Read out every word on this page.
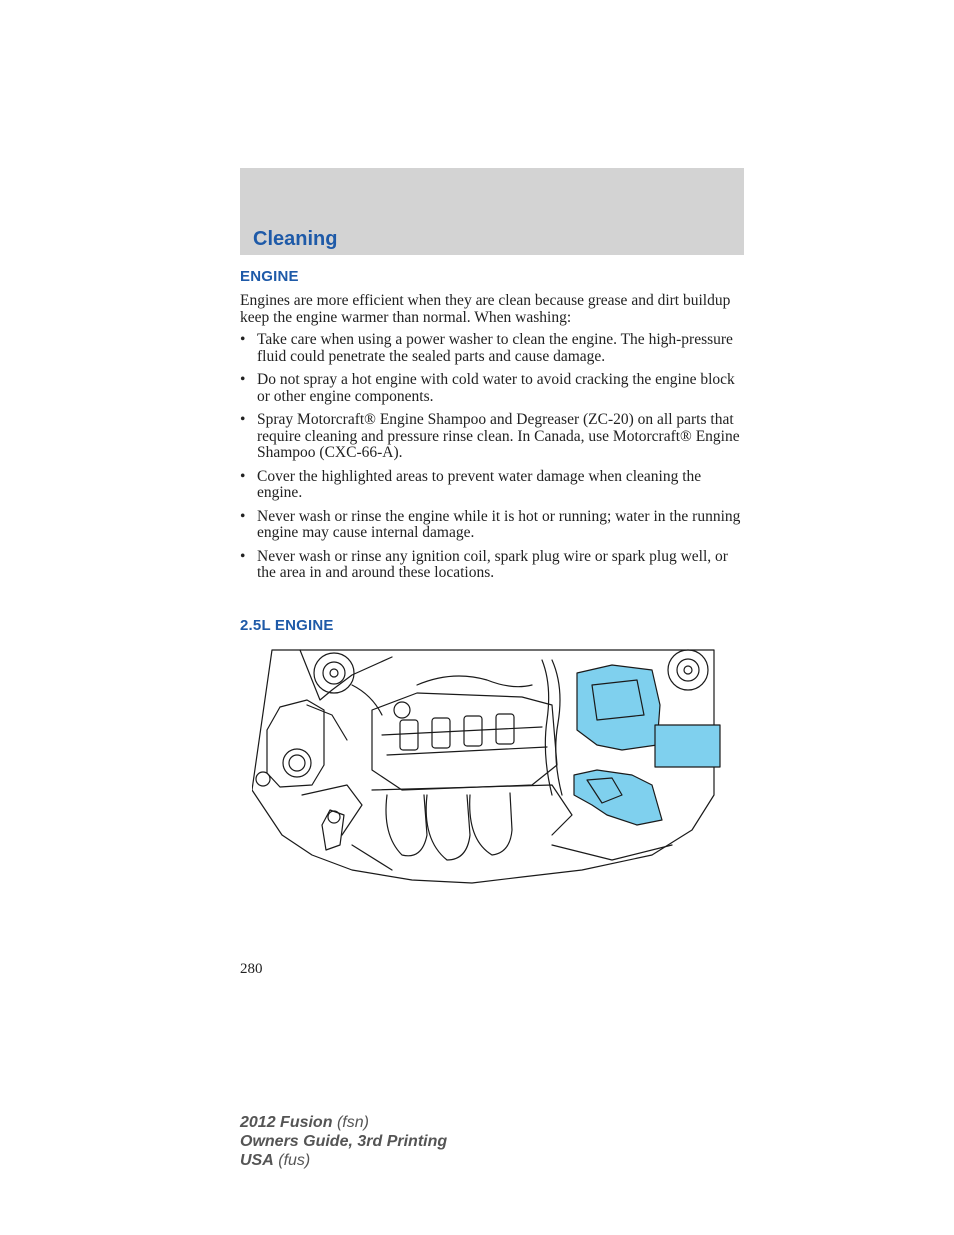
Cleaning
ENGINE
Engines are more efficient when they are clean because grease and dirt buildup keep the engine warmer than normal. When washing:
• Take care when using a power washer to clean the engine. The high-pressure fluid could penetrate the sealed parts and cause damage.
• Do not spray a hot engine with cold water to avoid cracking the engine block or other engine components.
• Spray Motorcraft® Engine Shampoo and Degreaser (ZC-20) on all parts that require cleaning and pressure rinse clean. In Canada, use Motorcraft® Engine Shampoo (CXC-66-A).
• Cover the highlighted areas to prevent water damage when cleaning the engine.
• Never wash or rinse the engine while it is hot or running; water in the running engine may cause internal damage.
• Never wash or rinse any ignition coil, spark plug wire or spark plug well, or the area in and around these locations.
2.5L ENGINE
280
2012 Fusion (fsn)
Owners Guide, 3rd Printing
USA (fus)
